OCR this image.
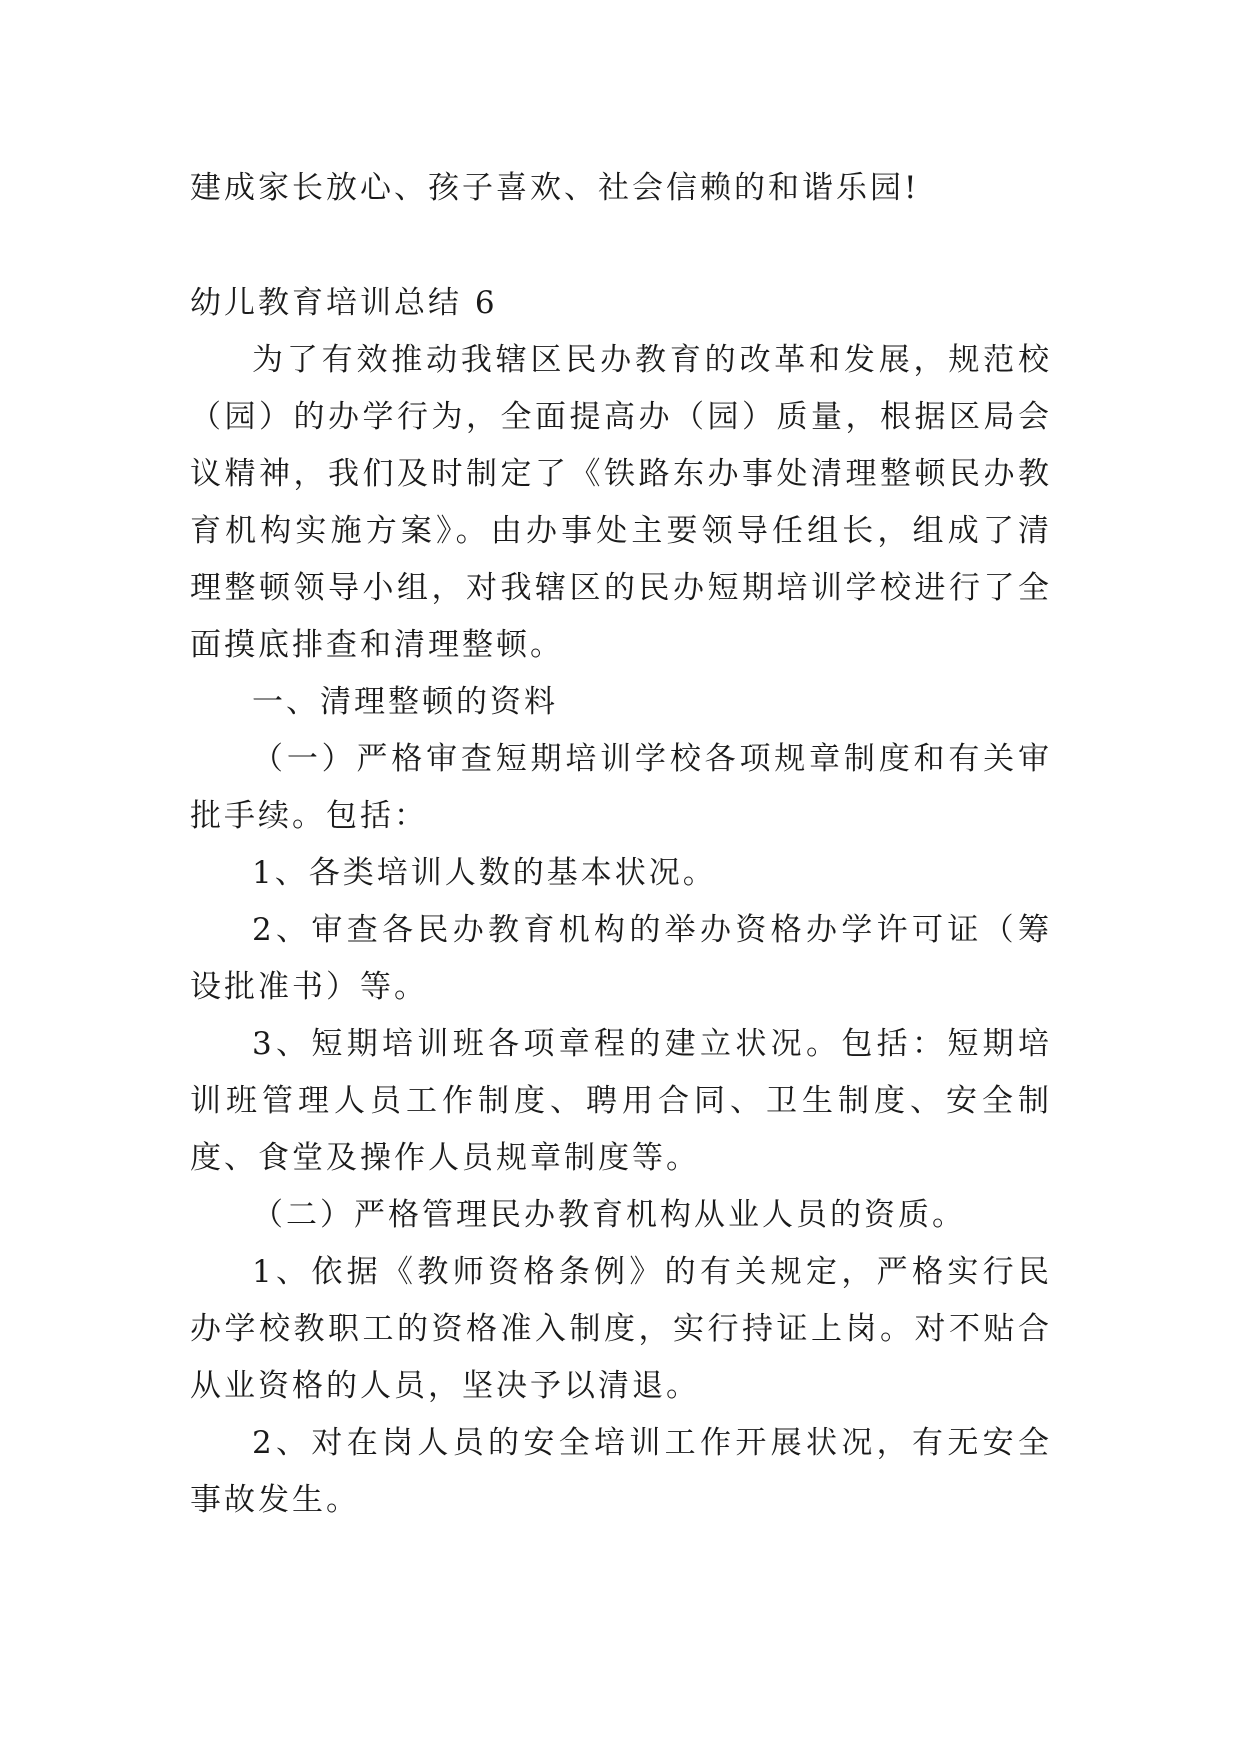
建成家长放心、孩子喜欢、社会信赖的和谐乐园!

幼儿教育培训总结 6

为了有效推动我辖区民办教育的改革和发展，规范校（园）的办学行为，全面提高办（园）质量，根据区局会议精神，我们及时制定了《铁路东办事处清理整顿民办教育机构实施方案》。由办事处主要领导任组长，组成了清理整顿领导小组，对我辖区的民办短期培训学校进行了全面摸底排查和清理整顿。

一、清理整顿的资料

（一）严格审查短期培训学校各项规章制度和有关审批手续。包括：

1、各类培训人数的基本状况。

2、审查各民办教育机构的举办资格办学许可证（筹设批准书）等。

3、短期培训班各项章程的建立状况。包括：短期培训班管理人员工作制度、聘用合同、卫生制度、安全制度、食堂及操作人员规章制度等。

（二）严格管理民办教育机构从业人员的资质。

1、依据《教师资格条例》的有关规定，严格实行民办学校教职工的资格准入制度，实行持证上岗。对不贴合从业资格的人员，坚决予以清退。

2、对在岗人员的安全培训工作开展状况，有无安全事故发生。
